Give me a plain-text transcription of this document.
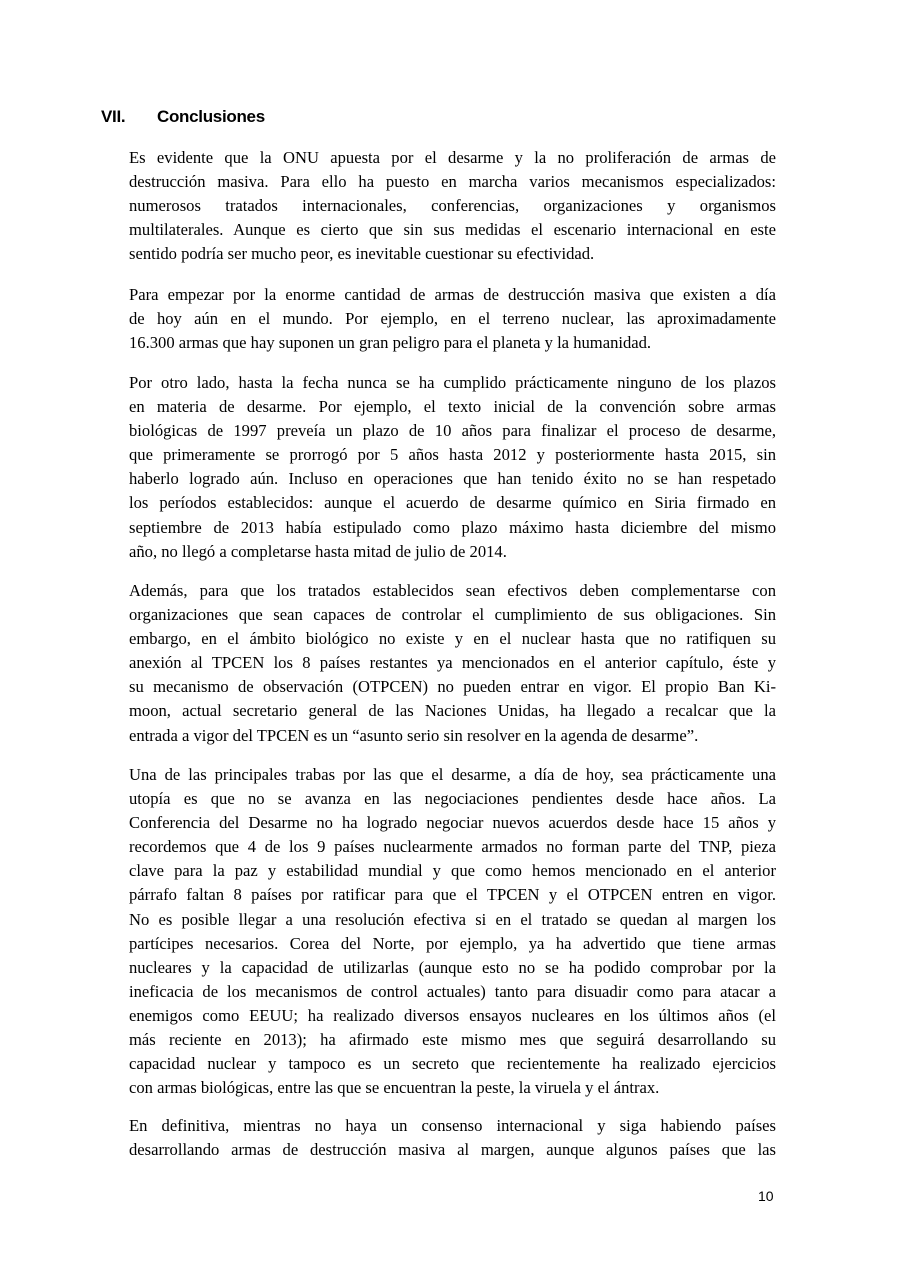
VII. Conclusiones
Es evidente que la ONU apuesta por el desarme y la no proliferación de armas de
destrucción masiva. Para ello ha puesto en marcha varios mecanismos especializados:
numerosos tratados internacionales, conferencias, organizaciones y organismos
multilaterales. Aunque es cierto que sin sus medidas el escenario internacional en este
sentido podría ser mucho peor, es inevitable cuestionar su efectividad.
Para empezar por la enorme cantidad de armas de destrucción masiva que existen a día
de hoy aún en el mundo. Por ejemplo, en el terreno nuclear, las aproximadamente
16.300 armas que hay suponen un gran peligro para el planeta y la humanidad.
Por otro lado, hasta la fecha nunca se ha cumplido prácticamente ninguno de los plazos
en materia de desarme. Por ejemplo, el texto inicial de la convención sobre armas
biológicas de 1997 preveía un plazo de 10 años para finalizar el proceso de desarme,
que primeramente se prorrogó por 5 años hasta 2012 y posteriormente hasta 2015, sin
haberlo logrado aún. Incluso en operaciones que han tenido éxito no se han respetado
los períodos establecidos: aunque el acuerdo de desarme químico en Siria firmado en
septiembre de 2013 había estipulado como plazo máximo hasta diciembre del mismo
año, no llegó a completarse hasta mitad de julio de 2014.
Además, para que los tratados establecidos sean efectivos deben complementarse con
organizaciones que sean capaces de controlar el cumplimiento de sus obligaciones. Sin
embargo, en el ámbito biológico no existe y en el nuclear hasta que no ratifiquen su
anexión al TPCEN los 8 países restantes ya mencionados en el anterior capítulo, éste y
su mecanismo de observación (OTPCEN) no pueden entrar en vigor. El propio Ban Ki-
moon, actual secretario general de las Naciones Unidas, ha llegado a recalcar que la
entrada a vigor del TPCEN es un “asunto serio sin resolver en la agenda de desarme”.
Una de las principales trabas por las que el desarme, a día de hoy, sea prácticamente una
utopía es que no se avanza en las negociaciones pendientes desde hace años. La
Conferencia del Desarme no ha logrado negociar nuevos acuerdos desde hace 15 años y
recordemos que 4 de los 9 países nuclearmente armados no forman parte del TNP, pieza
clave para la paz y estabilidad mundial y que como hemos mencionado en el anterior
párrafo faltan 8 países por ratificar para que el TPCEN y el OTPCEN entren en vigor.
No es posible llegar a una resolución efectiva si en el tratado se quedan al margen los
partícipes necesarios. Corea del Norte, por ejemplo, ya ha advertido que tiene armas
nucleares y la capacidad de utilizarlas (aunque esto no se ha podido comprobar por la
ineficacia de los mecanismos de control actuales) tanto para disuadir como para atacar a
enemigos como EEUU; ha realizado diversos ensayos nucleares en los últimos años (el
más reciente en 2013); ha afirmado este mismo mes que seguirá desarrollando su
capacidad nuclear y tampoco es un secreto que recientemente ha realizado ejercicios
con armas biológicas, entre las que se encuentran la peste, la viruela y el ántrax.
En definitiva, mientras no haya un consenso internacional y siga habiendo países
desarrollando armas de destrucción masiva al margen, aunque algunos países que las
10
